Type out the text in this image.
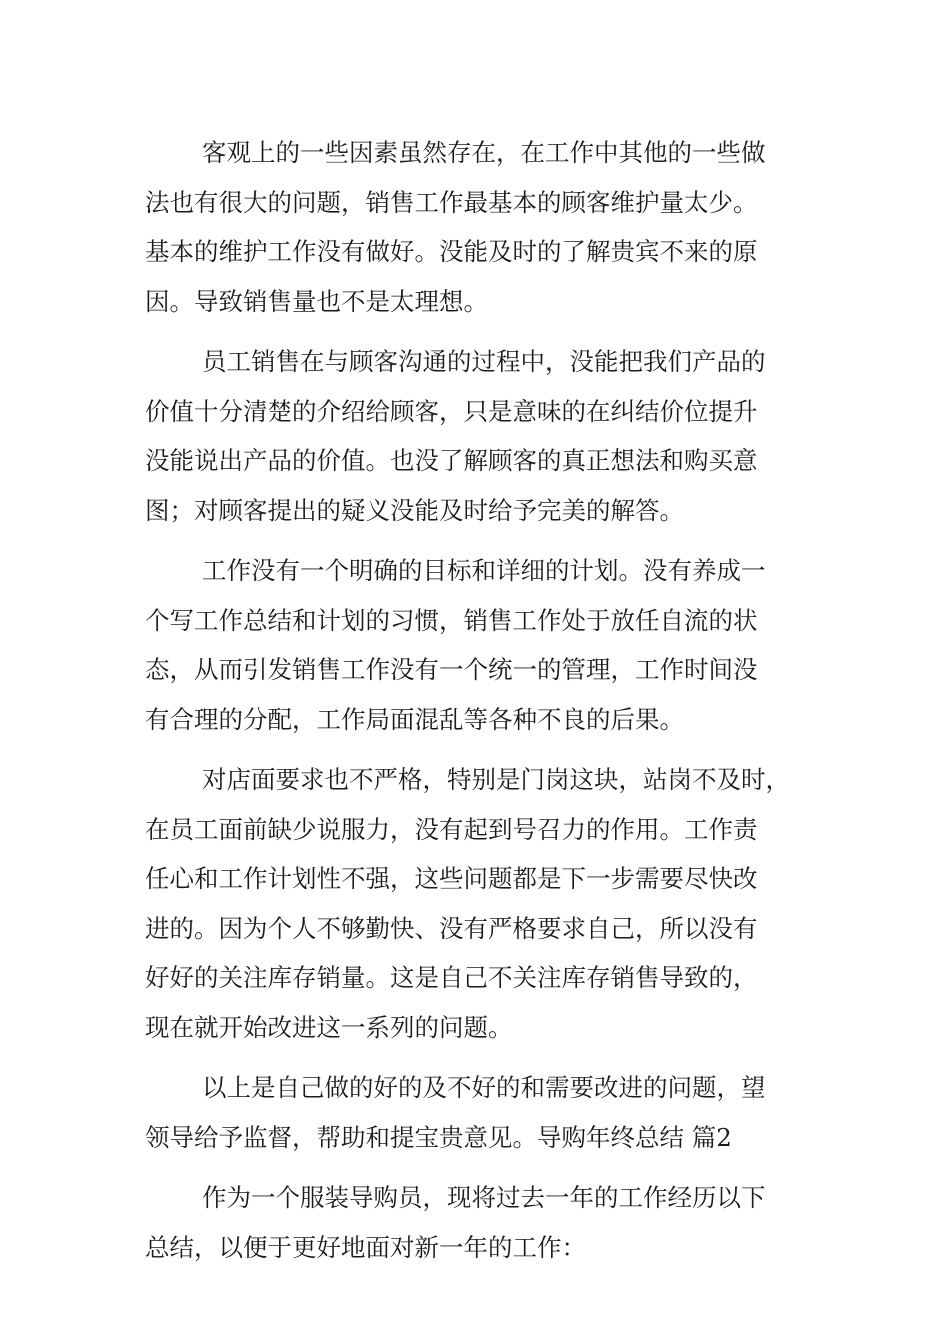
客观上的一些因素虽然存在，在工作中其他的一些做
法也有很大的问题，销售工作最基本的顾客维护量太少。
基本的维护工作没有做好。没能及时的了解贵宾不来的原
因。导致销售量也不是太理想。
员工销售在与顾客沟通的过程中，没能把我们产品的
价值十分清楚的介绍给顾客，只是意味的在纠结价位提升
没能说出产品的价值。也没了解顾客的真正想法和购买意
图；对顾客提出的疑义没能及时给予完美的解答。
工作没有一个明确的目标和详细的计划。没有养成一
个写工作总结和计划的习惯，销售工作处于放任自流的状
态，从而引发销售工作没有一个统一的管理，工作时间没
有合理的分配，工作局面混乱等各种不良的后果。
对店面要求也不严格，特别是门岗这块，站岗不及时，
在员工面前缺少说服力，没有起到号召力的作用。工作责
任心和工作计划性不强，这些问题都是下一步需要尽快改
进的。因为个人不够勤快、没有严格要求自己，所以没有
好好的关注库存销量。这是自己不关注库存销售导致的，
现在就开始改进这一系列的问题。
以上是自己做的好的及不好的和需要改进的问题，望
领导给予监督，帮助和提宝贵意见。导购年终总结 篇2
作为一个服装导购员，现将过去一年的工作经历以下
总结，以便于更好地面对新一年的工作：
